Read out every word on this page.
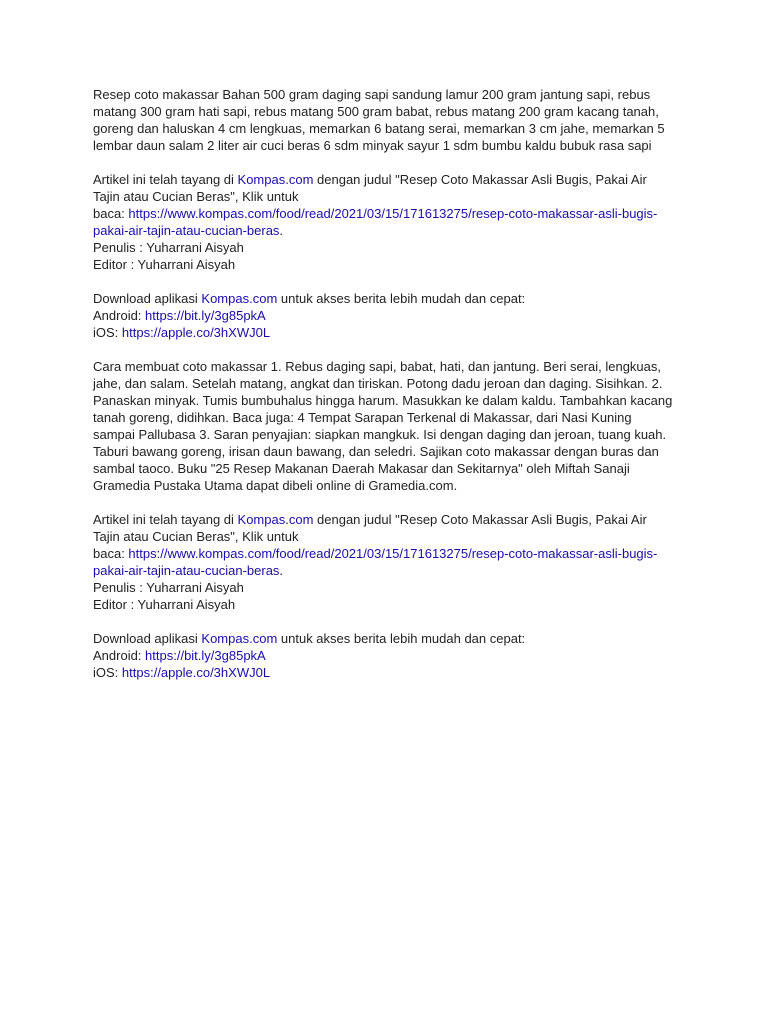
Resep coto makassar Bahan 500 gram daging sapi sandung lamur 200 gram jantung sapi, rebus matang 300 gram hati sapi, rebus matang 500 gram babat, rebus matang 200 gram kacang tanah, goreng dan haluskan 4 cm lengkuas, memarkan 6 batang serai, memarkan 3 cm jahe, memarkan 5 lembar daun salam 2 liter air cuci beras 6 sdm minyak sayur 1 sdm bumbu kaldu bubuk rasa sapi

Artikel ini telah tayang di Kompas.com dengan judul "Resep Coto Makassar Asli Bugis, Pakai Air Tajin atau Cucian Beras", Klik untuk

baca: https://www.kompas.com/food/read/2021/03/15/171613275/resep-coto-makassar-asli-bugis-pakai-air-tajin-atau-cucian-beras.

Penulis : Yuharrani Aisyah

Editor : Yuharrani Aisyah

Download aplikasi Kompas.com untuk akses berita lebih mudah dan cepat:

Android: https://bit.ly/3g85pkA

iOS: https://apple.co/3hXWJ0L

Cara membuat coto makassar 1. Rebus daging sapi, babat, hati, dan jantung. Beri serai, lengkuas, jahe, dan salam. Setelah matang, angkat dan tiriskan. Potong dadu jeroan dan daging. Sisihkan. 2. Panaskan minyak. Tumis bumbuhalus hingga harum. Masukkan ke dalam kaldu. Tambahkan kacang tanah goreng, didihkan. Baca juga: 4 Tempat Sarapan Terkenal di Makassar, dari Nasi Kuning sampai Pallubasa 3. Saran penyajian: siapkan mangkuk. Isi dengan daging dan jeroan, tuang kuah. Taburi bawang goreng, irisan daun bawang, dan seledri. Sajikan coto makassar dengan buras dan sambal taoco. Buku "25 Resep Makanan Daerah Makasar dan Sekitarnya" oleh Miftah Sanaji Gramedia Pustaka Utama dapat dibeli online di Gramedia.com.

Artikel ini telah tayang di Kompas.com dengan judul "Resep Coto Makassar Asli Bugis, Pakai Air Tajin atau Cucian Beras", Klik untuk

baca: https://www.kompas.com/food/read/2021/03/15/171613275/resep-coto-makassar-asli-bugis-pakai-air-tajin-atau-cucian-beras.

Penulis : Yuharrani Aisyah

Editor : Yuharrani Aisyah

Download aplikasi Kompas.com untuk akses berita lebih mudah dan cepat:

Android: https://bit.ly/3g85pkA

iOS: https://apple.co/3hXWJ0L
